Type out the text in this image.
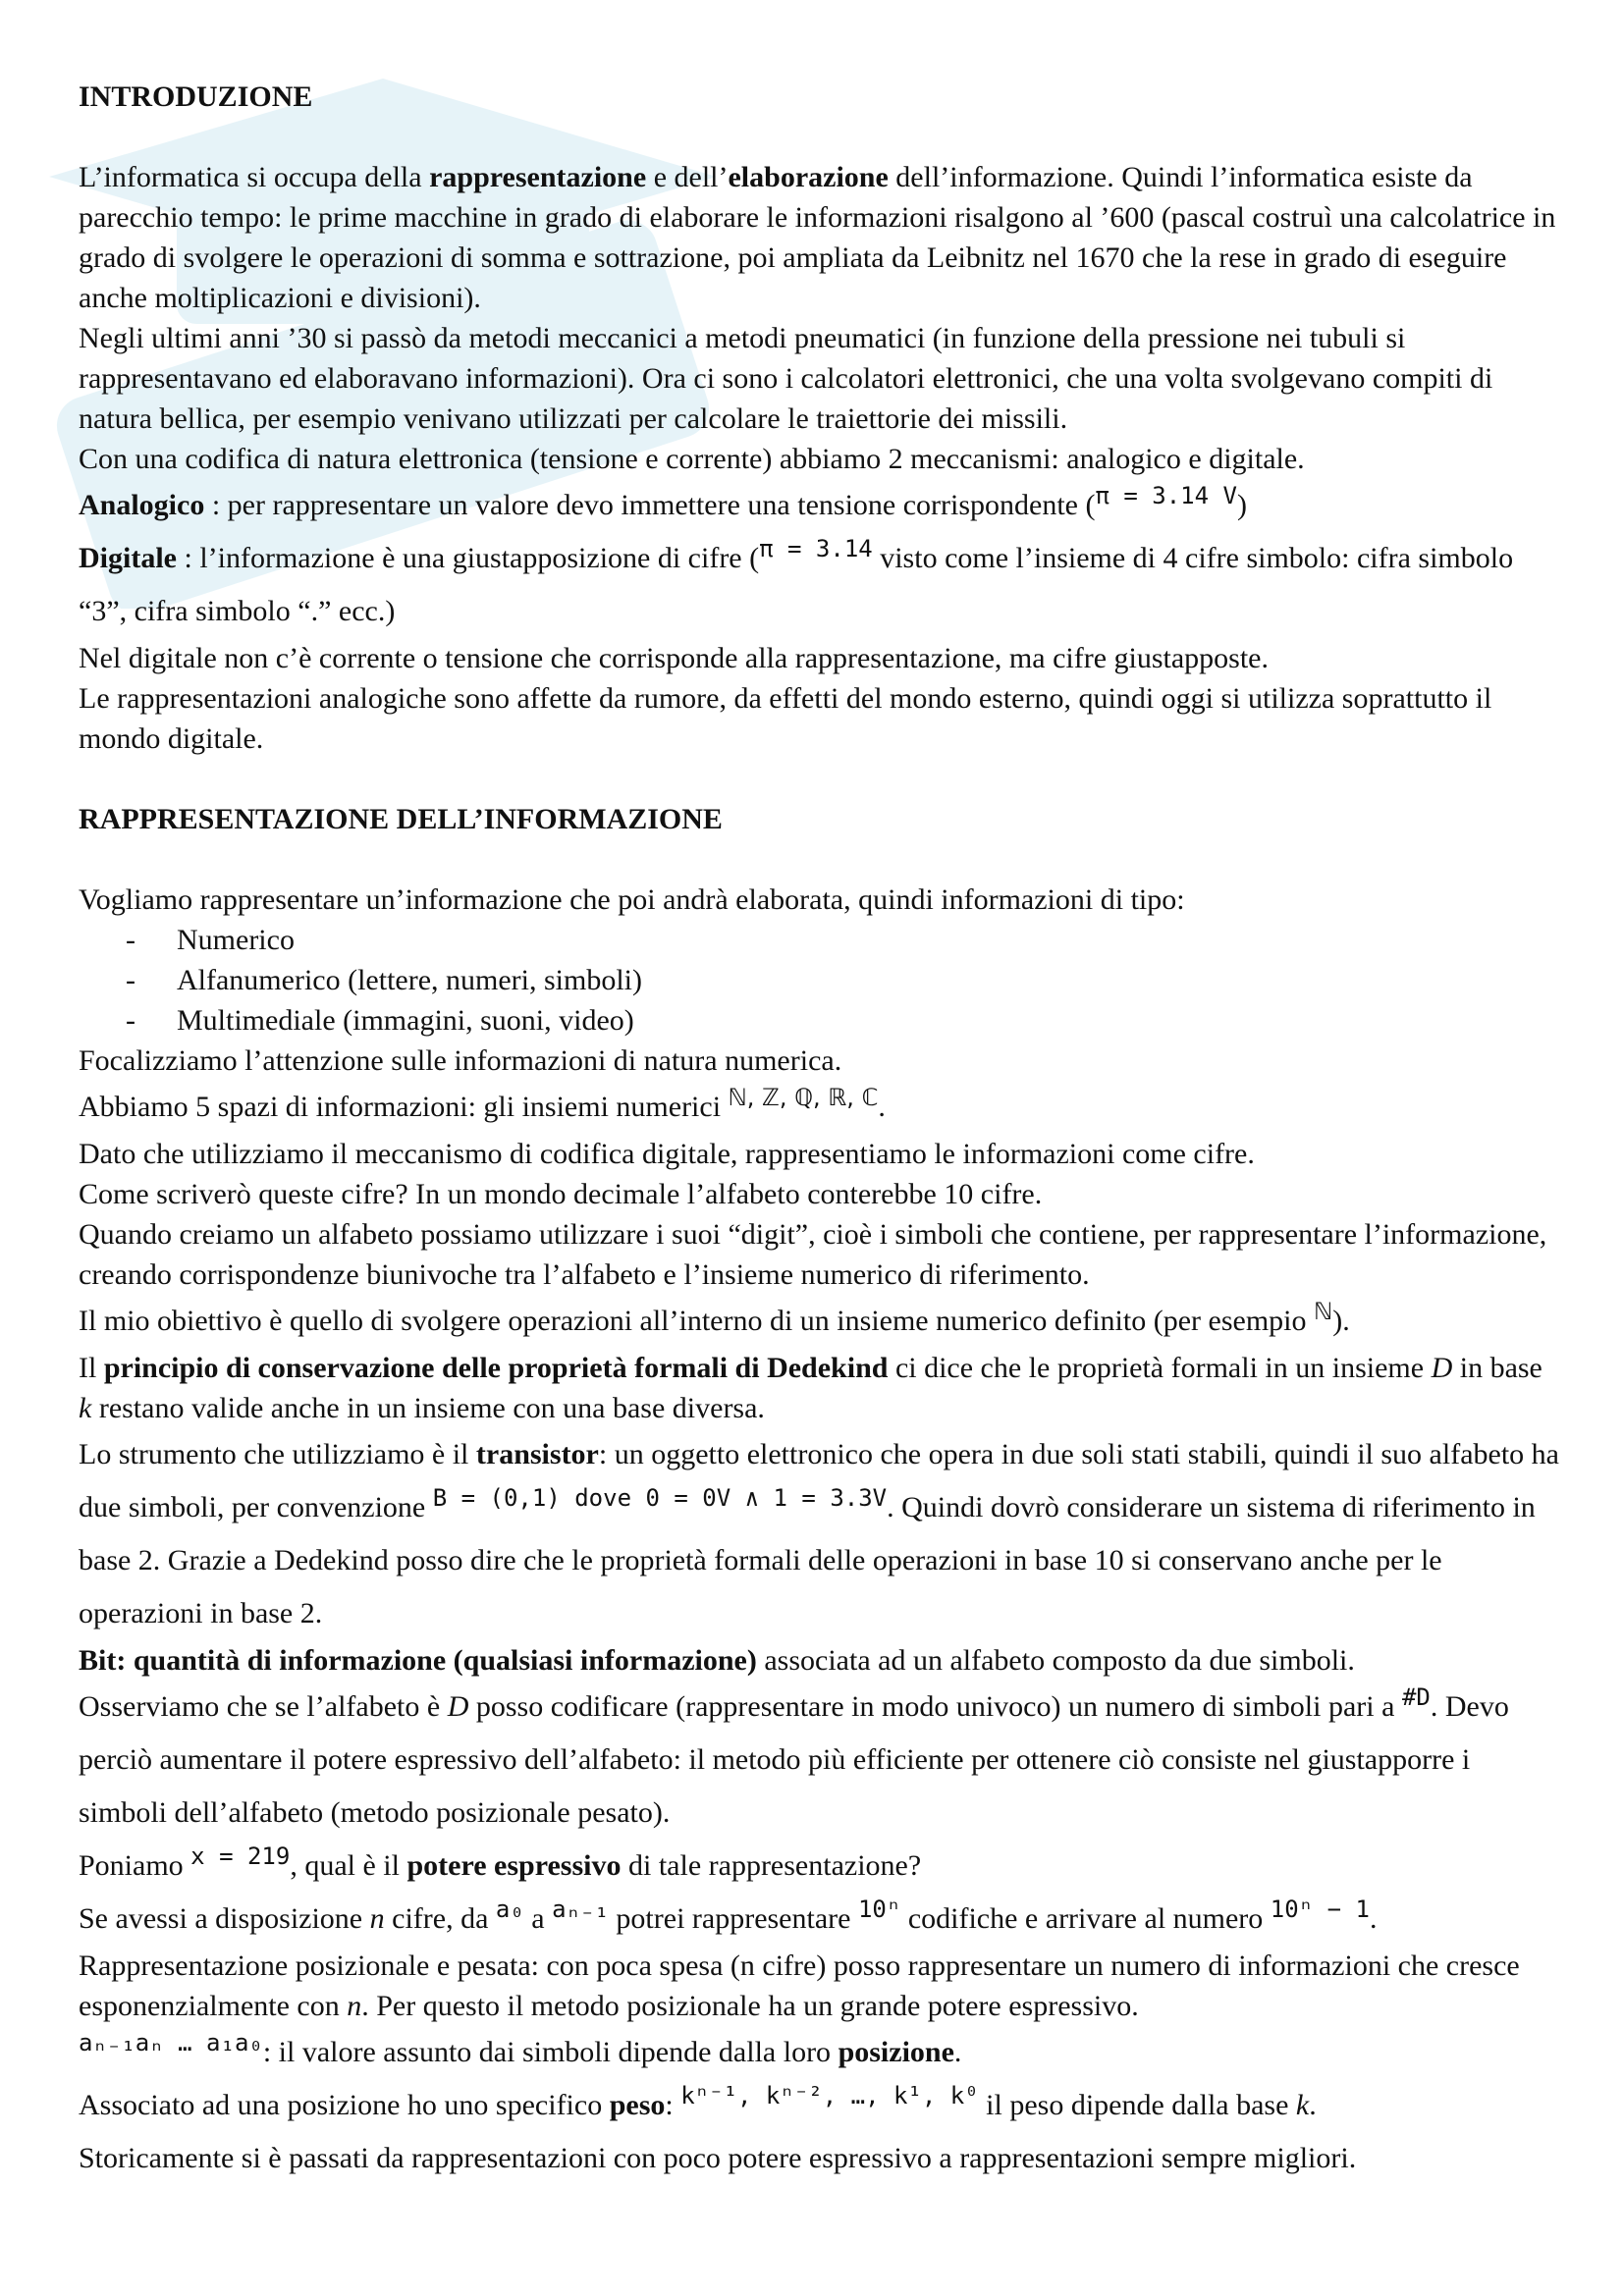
INTRODUZIONE

L’informatica si occupa della rappresentazione e dell’elaborazione dell’informazione. Quindi l’informatica esiste da parecchio tempo: le prime macchine in grado di elaborare le informazioni risalgono al ’600 (pascal costruì una calcolatrice in grado di svolgere le operazioni di somma e sottrazione, poi ampliata da Leibnitz nel 1670 che la rese in grado di eseguire anche moltiplicazioni e divisioni).

Negli ultimi anni ’30 si passò da metodi meccanici a metodi pneumatici (in funzione della pressione nei tubuli si rappresentavano ed elaboravano informazioni). Ora ci sono i calcolatori elettronici, che una volta svolgevano compiti di natura bellica, per esempio venivano utilizzati per calcolare le traiettorie dei missili.

Con una codifica di natura elettronica (tensione e corrente) abbiamo 2 meccanismi: analogico e digitale.

Analogico : per rappresentare un valore devo immettere una tensione corrispondente ($^{\pi = 3.14 V}$)

Digitale : l’informazione è una giustapposizione di cifre ($^{\pi = 3.14}$ visto come l’insieme di 4 cifre simbolo: cifra simbolo “3”, cifra simbolo “.” ecc.)

Nel digitale non c’è corrente o tensione che corrisponde alla rappresentazione, ma cifre giustapposte.

Le rappresentazioni analogiche sono affette da rumore, da effetti del mondo esterno, quindi oggi si utilizza soprattutto il mondo digitale.

RAPPRESENTAZIONE DELL’INFORMAZIONE

Vogliamo rappresentare un’informazione che poi andrà elaborata, quindi informazioni di tipo:

- Numerico
- Alfanumerico (lettere, numeri, simboli)
- Multimediale (immagini, suoni, video)

Focalizziamo l’attenzione sulle informazioni di natura numerica.

Abbiamo 5 spazi di informazioni: gli insiemi numerici $^{ℕ, ℤ, ℚ, ℝ, ℂ}$.

Dato che utilizziamo il meccanismo di codifica digitale, rappresentiamo le informazioni come cifre.

Come scriverò queste cifre? In un mondo decimale l’alfabeto conterebbe 10 cifre.

Quando creiamo un alfabeto possiamo utilizzare i suoi “digit”, cioè i simboli che contiene, per rappresentare l’informazione, creando corrispondenze biunivoche tra l’alfabeto e l’insieme numerico di riferimento.

Il mio obiettivo è quello di svolgere operazioni all’interno di un insieme numerico definito (per esempio $^ℕ$).

Il principio di conservazione delle proprietà formali di Dedekind ci dice che le proprietà formali in un insieme D in base k restano valide anche in un insieme con una base diversa.

Lo strumento che utilizziamo è il transistor: un oggetto elettronico che opera in due soli stati stabili, quindi il suo alfabeto ha due simboli, per convenzione $^{B = (0,1) dove 0 = 0V \wedge 1 = 3.3V}$. Quindi dovrò considerare un sistema di riferimento in base 2. Grazie a Dedekind posso dire che le proprietà formali delle operazioni in base 10 si conservano anche per le operazioni in base 2.

Bit: quantità di informazione (qualsiasi informazione) associata ad un alfabeto composto da due simboli.

Osserviamo che se l’alfabeto è D posso codificare (rappresentare in modo univoco) un numero di simboli pari a $^{\#D}$. Devo perciò aumentare il potere espressivo dell’alfabeto: il metodo più efficiente per ottenere ciò consiste nel giustapporre i simboli dell’alfabeto (metodo posizionale pesato).

Poniamo $^{x = 219}$, qual è il potere espressivo di tale rappresentazione?

Se avessi a disposizione n cifre, da $^{a_0}$ a $^{a_{n-1}}$ potrei rappresentare $^{10^n}$ codifiche e arrivare al numero $^{10^n - 1}$.

Rappresentazione posizionale e pesata: con poca spesa (n cifre) posso rappresentare un numero di informazioni che cresce esponenzialmente con n. Per questo il metodo posizionale ha un grande potere espressivo.

$^{a_{n-1}a_n \dots a_1a_0}$: il valore assunto dai simboli dipende dalla loro posizione.

Associato ad una posizione ho uno specifico peso: $^{k^{n-1}, k^{n-2}, \dots, k^1, k^0}$ il peso dipende dalla base k.

Storicamente si è passati da rappresentazioni con poco potere espressivo a rappresentazioni sempre migliori.
